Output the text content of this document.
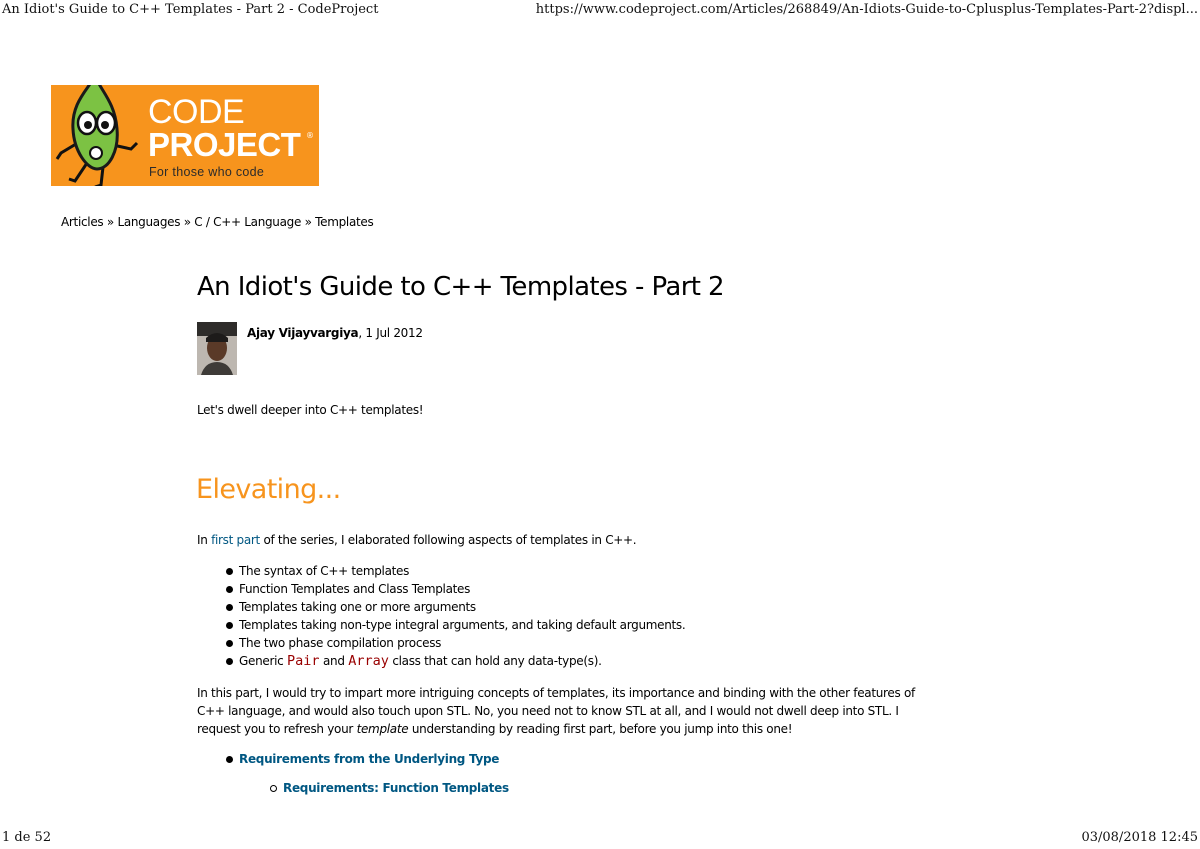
An Idiot's Guide to C++ Templates - Part 2 - CodeProject	https://www.codeproject.com/Articles/268849/An-Idiots-Guide-to-Cplusplus-Templates-Part-2?displ...
CODE
PROJECT ®
For those who code
Articles » Languages » C / C++ Language » Templates
An Idiot's Guide to C++ Templates - Part 2
Ajay Vijayvargiya, 1 Jul 2012
Let's dwell deeper into C++ templates!
Elevating...
In first part of the series, I elaborated following aspects of templates in C++.
The syntax of C++ templates
Function Templates and Class Templates
Templates taking one or more arguments
Templates taking non-type integral arguments, and taking default arguments.
The two phase compilation process
Generic Pair and Array class that can hold any data-type(s).

In this part, I would try to impart more intriguing concepts of templates, its importance and binding with the other features of C++ language, and would also touch upon STL. No, you need not to know STL at all, and I would not dwell deep into STL. I request you to refresh your template understanding by reading first part, before you jump into this one!

Requirements from the Underlying Type
Requirements: Function Templates
1 de 52	03/08/2018 12:45
